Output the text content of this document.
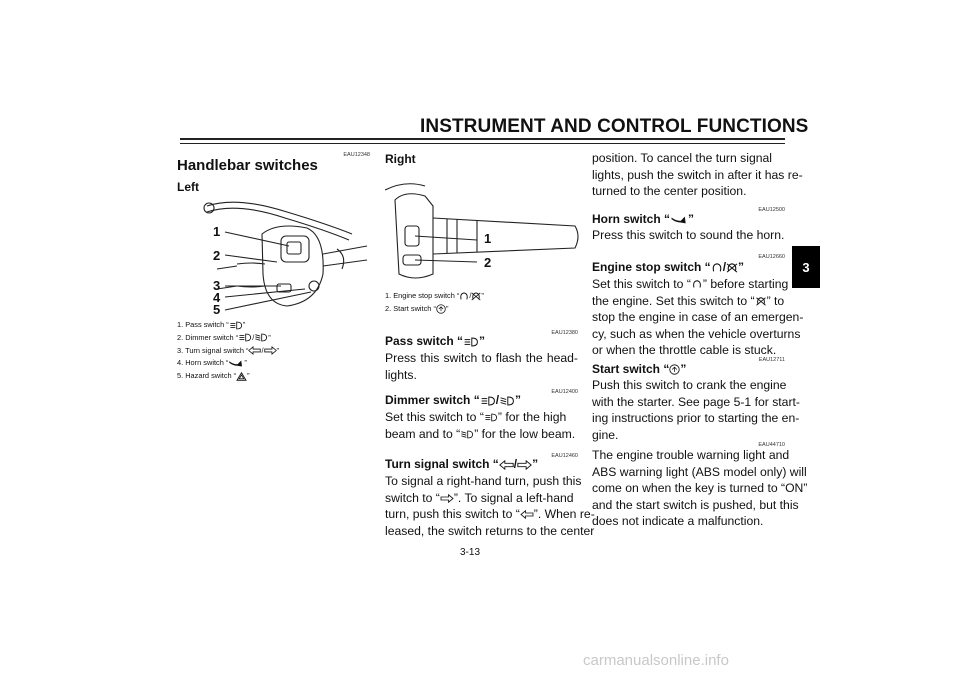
INSTRUMENT AND CONTROL FUNCTIONS
3
EAU12348
Handlebar switches
Left
1
2
3
4
5
1. Pass switch “ ”
2. Dimmer switch “ / ”
3. Turn signal switch “ / ”
4. Horn switch “ ”
5. Hazard switch “ ”
Right
1
2
1. Engine stop switch “ / ”
2. Start switch “ ”
EAU12380
Pass switch “ ”
Press this switch to flash the head-
lights.
EAU12400
Dimmer switch “ / ”
Set this switch to “ ” for the high
beam and to “ ” for the low beam.
EAU12460
Turn signal switch “ / ”
To signal a right-hand turn, push this
switch to “ ”. To signal a left-hand
turn, push this switch to “ ”. When re-
leased, the switch returns to the center
position. To cancel the turn signal
lights, push the switch in after it has re-
turned to the center position.
EAU12500
Horn switch “ ”
Press this switch to sound the horn.
EAU12660
Engine stop switch “ / ”
Set this switch to “ ” before starting
the engine. Set this switch to “ ” to
stop the engine in case of an emergen-
cy, such as when the vehicle overturns
or when the throttle cable is stuck.
EAU12711
Start switch “ ”
Push this switch to crank the engine
with the starter. See page 5-1 for start-
ing instructions prior to starting the en-
gine.
EAU44710
The engine trouble warning light and
ABS warning light (ABS model only) will
come on when the key is turned to “ON”
and the start switch is pushed, but this
does not indicate a malfunction.
3-13
carmanualsonline.info
